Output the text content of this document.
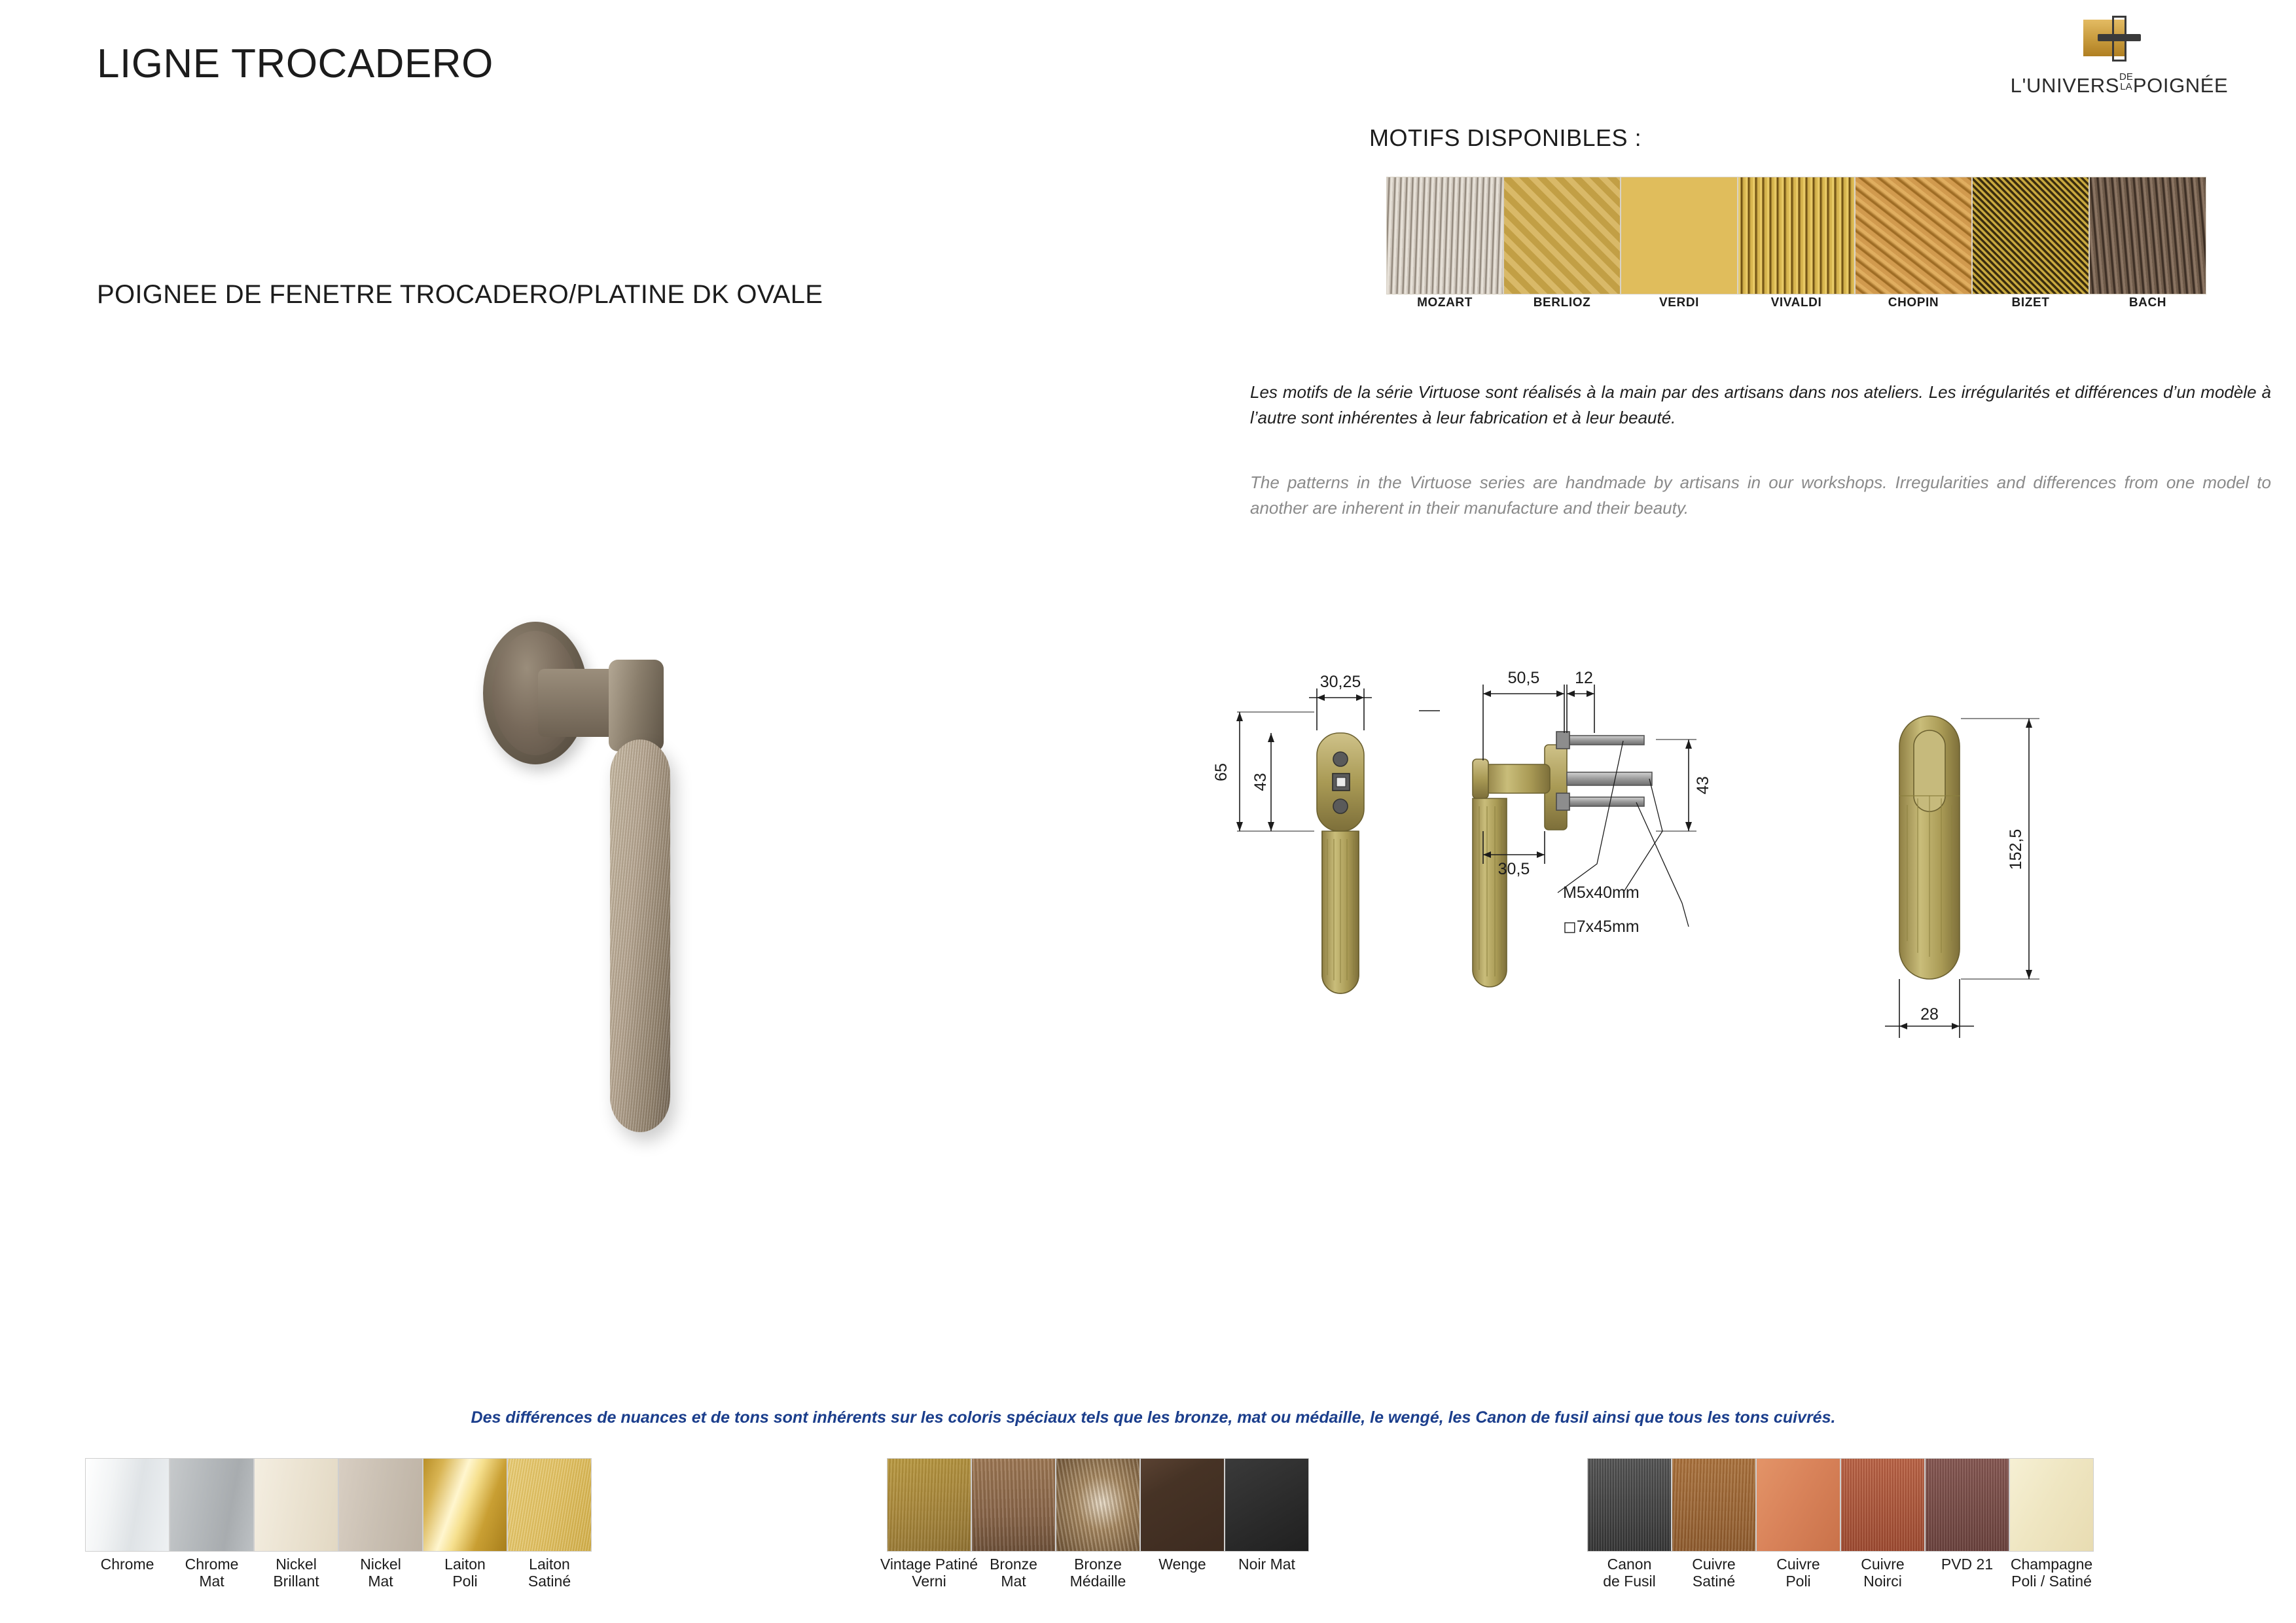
LIGNE TROCADERO
POIGNEE DE FENETRE TROCADERO/PLATINE DK OVALE
L'UNIVERS DE
LA POIGNÉE
MOTIFS DISPONIBLES :
MOZART	BERLIOZ	VERDI	VIVALDI	CHOPIN	BIZET	BACH
Les motifs de la série Virtuose sont réalisés à la main par des artisans dans nos ateliers. Les irrégularités et différences d’un modèle à l’autre sont inhérentes à leur fabrication et à leur beauté.
The patterns in the Virtuose series are handmade by artisans in our workshops. Irregularities and differences from one model to another are inherent in their manufacture and their beauty.
30,25
65
43
50,5 12
43
30,5
M5x40mm
◻7x45mm
152,5
28
Des différences de nuances et de tons sont inhérents sur les coloris spéciaux tels que les bronze, mat ou médaille, le wengé, les Canon de fusil ainsi que tous les tons cuivrés.
Chrome	Chrome
Mat
Nickel
Brillant
Nickel
Mat
Laiton
Poli
Laiton
Satiné
Vintage Patiné
Verni
Bronze
Mat
Bronze
Médaille
Wenge	Noir Mat	Canon
de Fusil
Cuivre
Satiné
Cuivre
Poli
Cuivre
Noirci
PVD 21	Champagne
Poli / Satiné
